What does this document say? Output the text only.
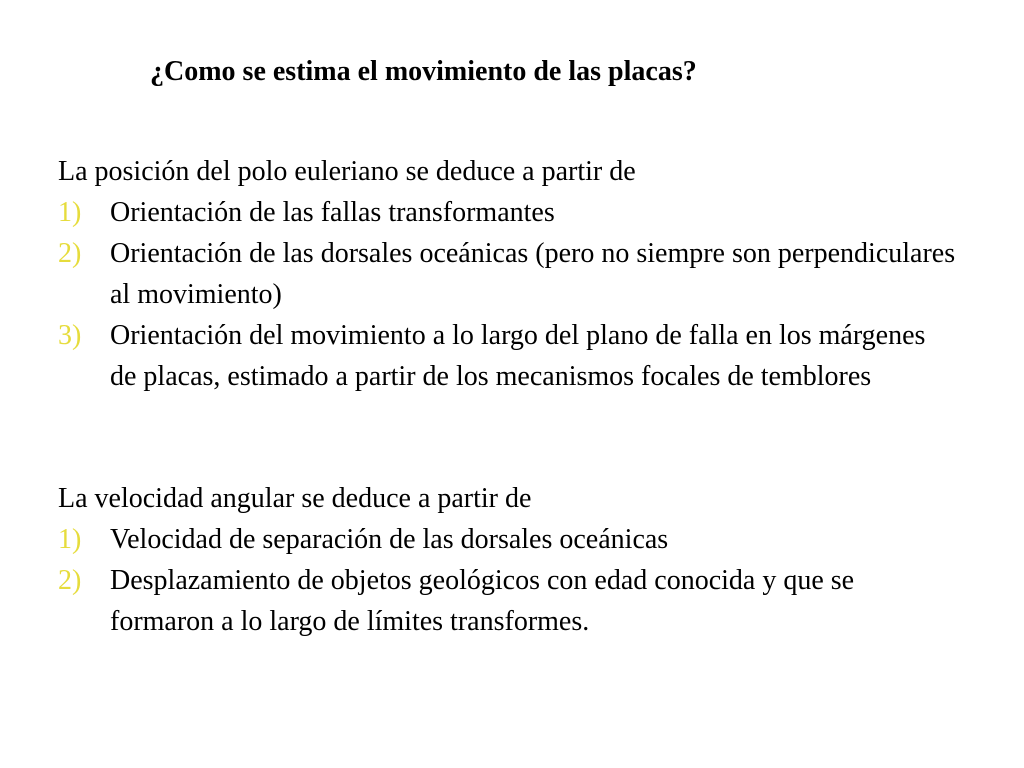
¿Como se estima el movimiento de las placas?
La posición del polo euleriano se deduce a partir de
1) Orientación de las fallas transformantes
2) Orientación de las dorsales oceánicas (pero no siempre son perpendiculares al movimiento)
3) Orientación del movimiento a lo largo del plano de falla en los márgenes de placas, estimado a partir de los mecanismos focales de temblores
La velocidad angular se deduce a partir de
1) Velocidad de separación de las dorsales oceánicas
2) Desplazamiento de objetos geológicos con edad conocida y que se formaron a lo largo de límites transformes.
